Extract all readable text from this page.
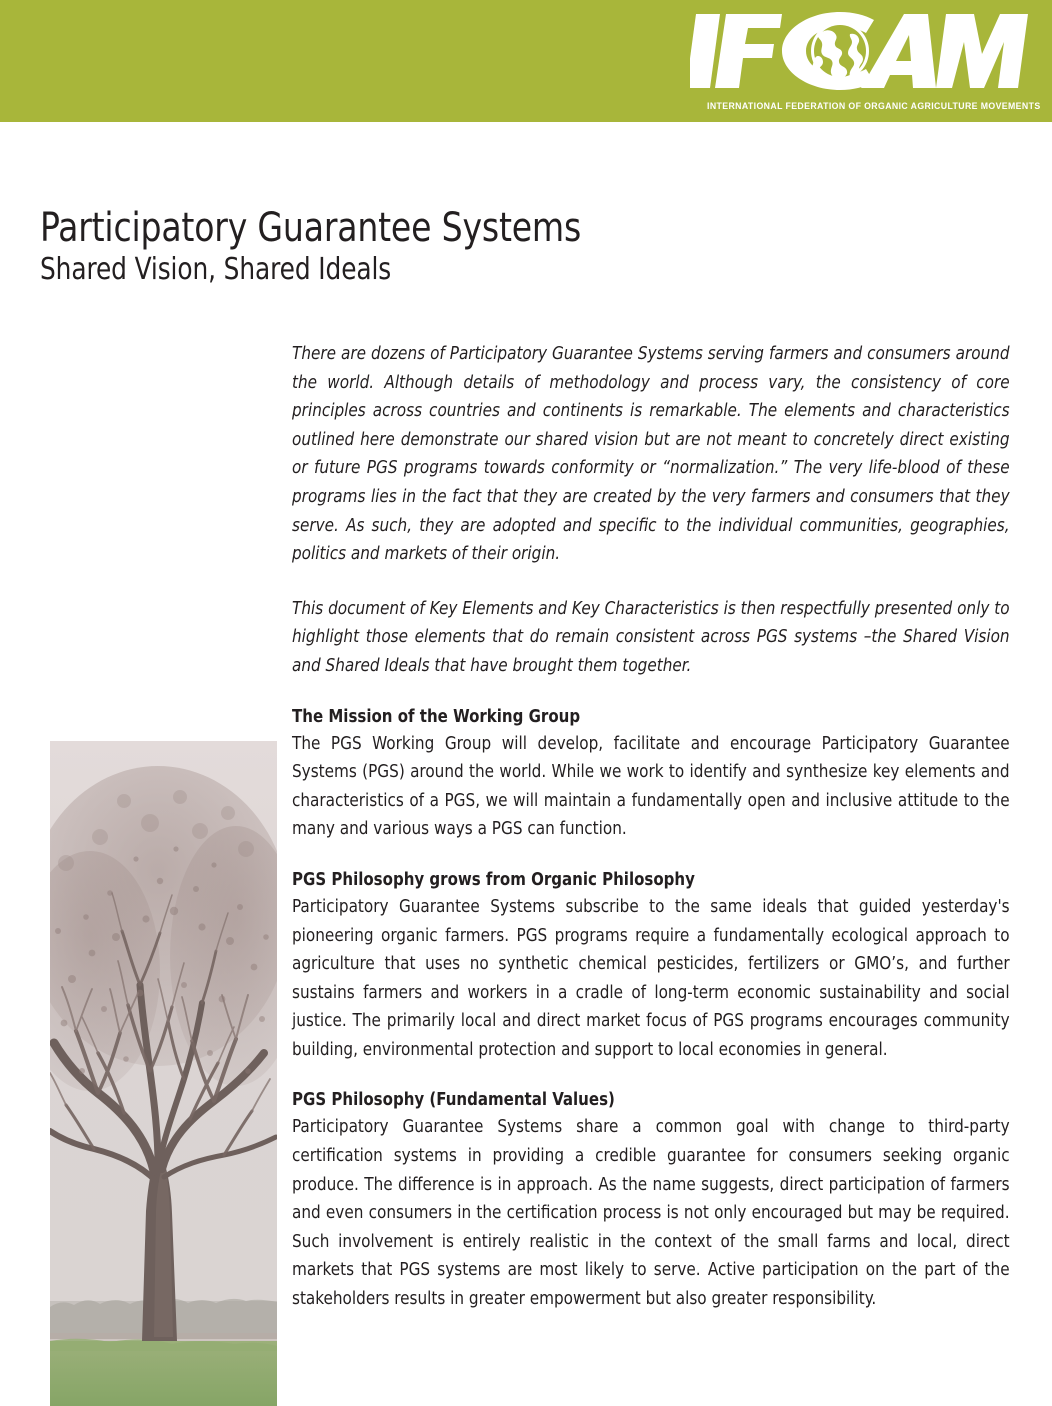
INTERNATIONAL FEDERATION OF ORGANIC AGRICULTURE MOVEMENTS
Participatory Guarantee Systems
Shared Vision, Shared Ideals

There are dozens of Participatory Guarantee Systems serving farmers and consumers around the world. Although details of methodology and process vary, the consistency of core principles across countries and continents is remarkable. The elements and characteristics outlined here demonstrate our shared vision but are not meant to concretely direct existing or future PGS programs towards conformity or “normalization.” The very life-blood of these programs lies in the fact that they are created by the very farmers and consumers that they serve. As such, they are adopted and specific to the individual communities, geographies, politics and markets of their origin.

This document of Key Elements and Key Characteristics is then respectfully presented only to highlight those elements that do remain consistent across PGS systems –the Shared Vision and Shared Ideals that have brought them together.

The Mission of the Working Group

The PGS Working Group will develop, facilitate and encourage Participatory Guarantee Systems (PGS) around the world. While we work to identify and synthesize key elements and characteristics of a PGS, we will maintain a fundamentally open and inclusive attitude to the many and various ways a PGS can function.

PGS Philosophy grows from Organic Philosophy

Participatory Guarantee Systems subscribe to the same ideals that guided yesterday's pioneering organic farmers. PGS programs require a fundamentally ecological approach to agriculture that uses no synthetic chemical pesticides, fertilizers or GMO’s, and further sustains farmers and workers in a cradle of long-term economic sustainability and social justice. The primarily local and direct market focus of PGS programs encourages community building, environmental protection and support to local economies in general.

PGS Philosophy (Fundamental Values)

Participatory Guarantee Systems share a common goal with change to third-party certification systems in providing a credible guarantee for consumers seeking organic produce. The difference is in approach. As the name suggests, direct participation of farmers and even consumers in the certification process is not only encouraged but may be required. Such involvement is entirely realistic in the context of the small farms and local, direct markets that PGS systems are most likely to serve. Active participation on the part of the stakeholders results in greater empowerment but also greater responsibility.
